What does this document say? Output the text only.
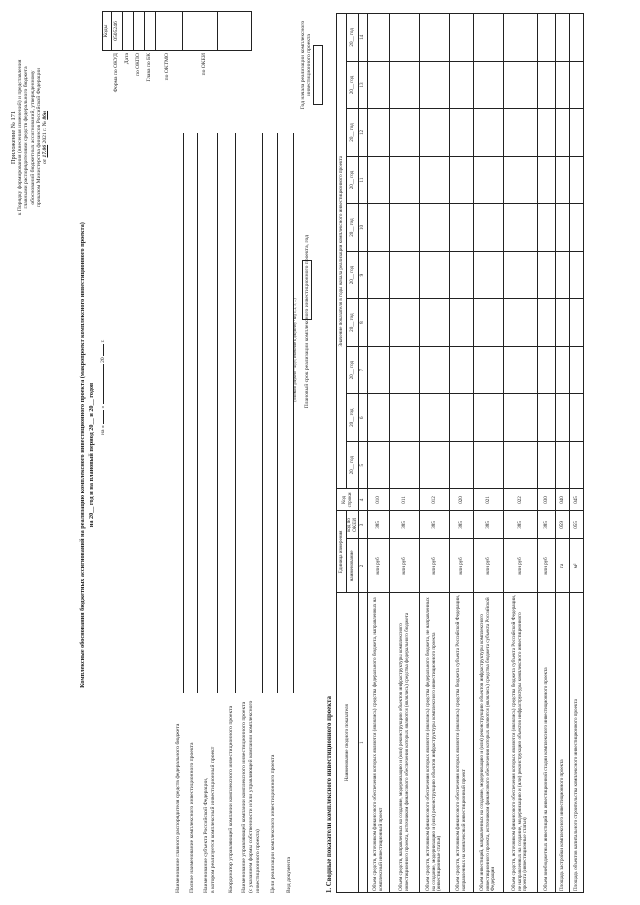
Приложение № 171 к Порядку формирования (внесения изменений) и представления главными распорядителями средств федерального бюджета обоснований бюджетных ассигнований, утвержденному приказом Министерства финансов Российской Федерации от 17.06 2021 г. № 86н
Комплексные обоснования бюджетных ассигнований на реализацию комплексного инвестиционного проекта (макропроект комплексного инвестиционного проекта) на 20__ год и на плановый период 20__ и 20__ годов на «  »  20  г.
Коды
Форма по ОКУД
0505246
Дата по ОКПО Глава по БК по ОКТМО	по ОКЕИ
Наименование главного распорядителя средств федерального бюджета Полное наименование комплексного инвестиционного проекта Наименование субъекта Российской Федерации, в котором реализуется комплексный инвестиционный проект Координатор управляющей компании комплексного инвестиционного проекта Наименование управляющей компании комплексного инвестиционного проекта (с указанием формы собственности и/или управляющей компании комплексного инвестиционного проекта) Цели реализации комплексного инвестиционного проекта Вид документа
(основной документ - код 0; изменение к документу - код 1, 2, 3, ...) Плановый срок реализации комплексного инвестиционного проекта, год
Год начала реализации комплексного инвестиционного проекта
1. Сводные показатели комплексного инвестиционного проекта Наименование сводного показателя	Единица измерения		Код строки	Значение показателя в годы начала реализации комплексного инвестиционного проекта									
	наименование	код по ОКЕИ		20__ год	20__ год	20__ год	20__ год	20__ год	20__ год	20__ год	20__ год	20__ год	20__ год
1	2	3	4	5	6	7	8	9	10	11	12	13	14
Объем средств, источником финансового обеспечения которых являются (являлись) средства федерального бюджета, направленных на комплексный инвестиционный проект	млн руб	385	010										
Объем средств, направленных на создание, модернизацию и (или) реконструкцию объектов инфраструктуры комплексного инвестиционного проекта, источником финансового обеспечения которых являются (являлись) средства федерального бюджета	млн руб	385	011										
Объем средств, источником финансового обеспечения которых являются (являлись) средства федерального бюджета, не направленных на создание, модернизацию и (или) реконструкцию объектов инфраструктуры комплексного инвестиционного проекта (инвестиционные статьи)	млн руб	385	012										
Объем средств, источником финансового обеспечения которых являются (являлись) средства бюджета субъекта Российской Федерации, направленных на комплексный инвестиционный проект	млн руб	385	020										
Объем инвестиций, направленных на создание, модернизацию и (или) реконструкцию объектов инфраструктуры комплексного инвестиционного проекта, источником финансового обеспечения которых являются (являлись) средства бюджета субъекта Российской Федерации	млн руб	385	021										
Объем средств, источником финансового обеспечения которых являются (являлись) средства бюджета субъекта Российской Федерации, не направленных на создание, модернизацию и (или) реконструкцию объектов инфраструктуры комплексного инвестиционного проекта (инвестиционные статьи)	млн руб	385	022										
Объем внебюджетных инвестиций на инвестиционной стадии комплексного инвестиционного проекта	млн руб	385	030										
Площадь застройки комплексного инвестиционного проекта	га	059	040										
Площадь объектов капитального строительства комплексного инвестиционного проекта	м²	055	045										
